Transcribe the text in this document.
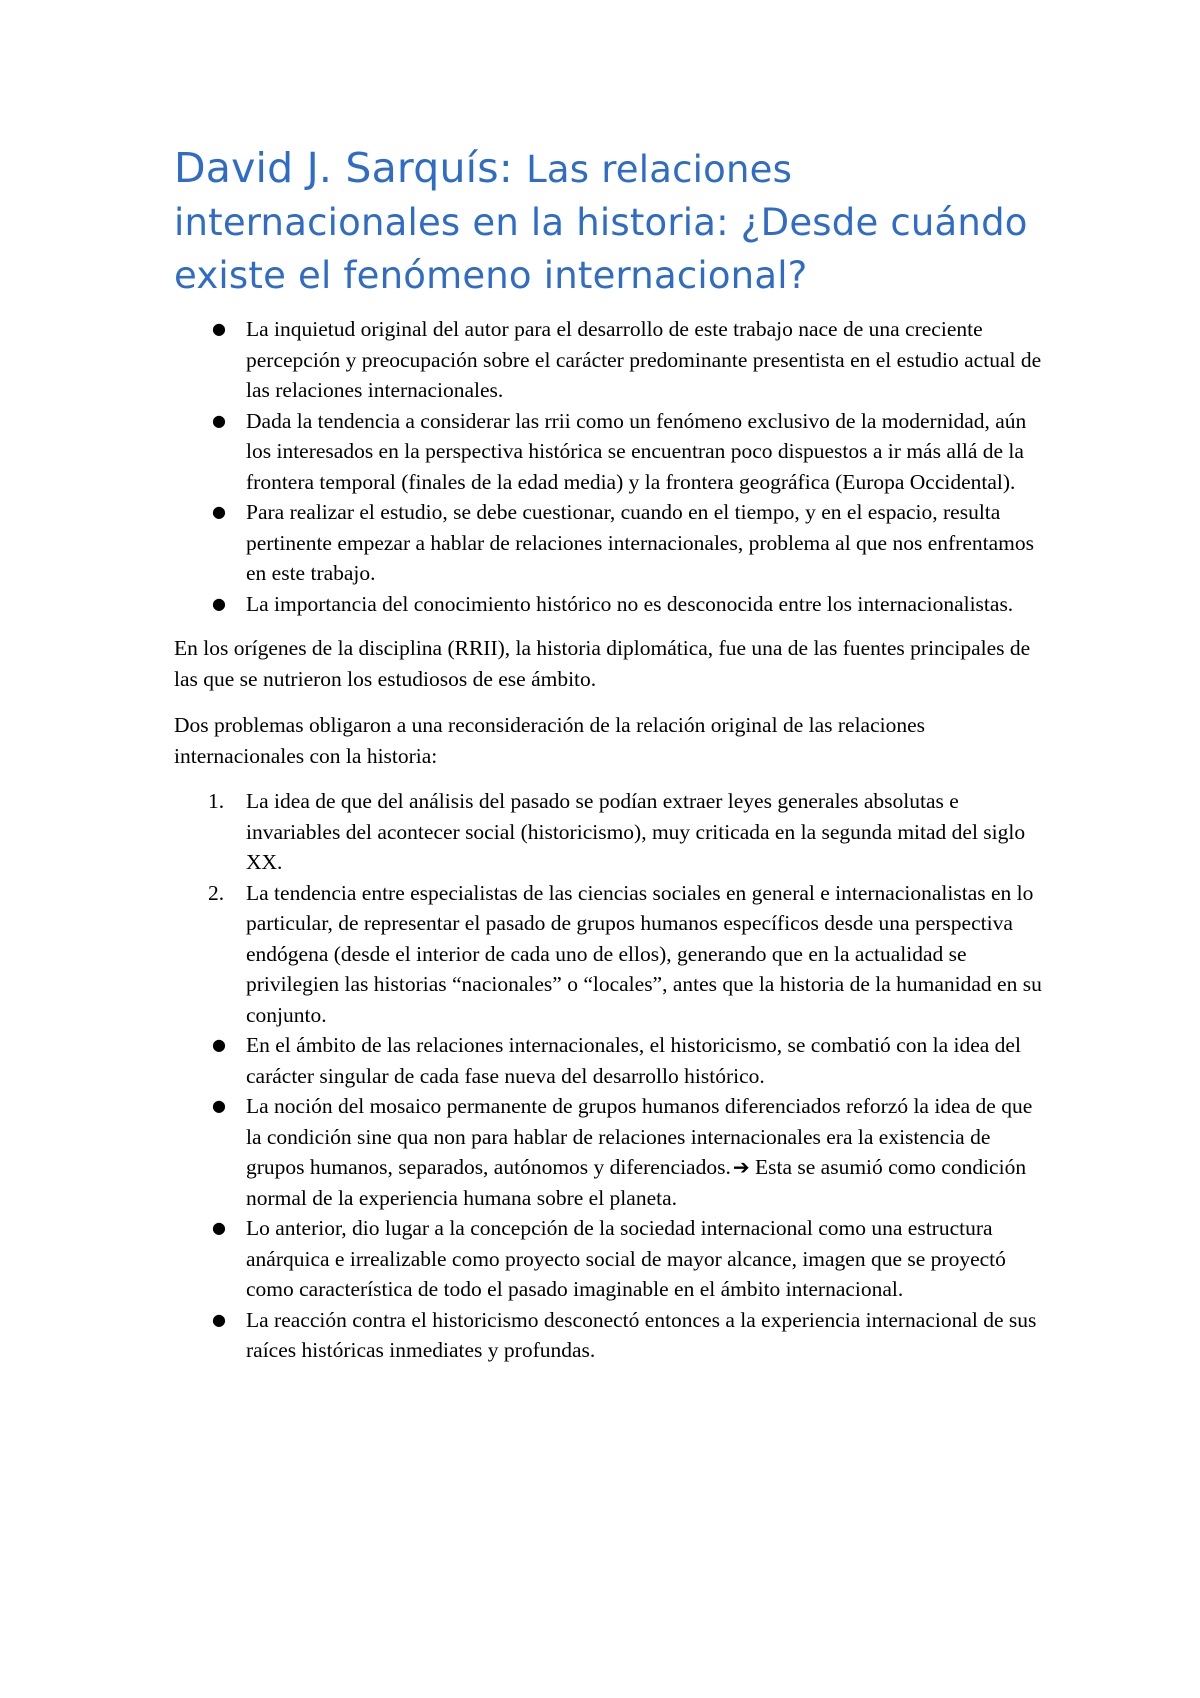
David J. Sarquís: Las relaciones internacionales en la historia: ¿Desde cuándo existe el fenómeno internacional?
● La inquietud original del autor para el desarrollo de este trabajo nace de una creciente percepción y preocupación sobre el carácter predominante presentista en el estudio actual de las relaciones internacionales.
● Dada la tendencia a considerar las rrii como un fenómeno exclusivo de la modernidad, aún los interesados en la perspectiva histórica se encuentran poco dispuestos a ir más allá de la frontera temporal (finales de la edad media) y la frontera geográfica (Europa Occidental).
● Para realizar el estudio, se debe cuestionar, cuando en el tiempo, y en el espacio, resulta pertinente empezar a hablar de relaciones internacionales, problema al que nos enfrentamos en este trabajo.
● La importancia del conocimiento histórico no es desconocida entre los internacionalistas.

En los orígenes de la disciplina (RRII), la historia diplomática, fue una de las fuentes principales de las que se nutrieron los estudiosos de ese ámbito.

Dos problemas obligaron a una reconsideración de la relación original de las relaciones internacionales con la historia:

1.	La idea de que del análisis del pasado se podían extraer leyes generales absolutas e invariables del acontecer social (historicismo), muy criticada en la segunda mitad del siglo XX.
2.	La tendencia entre especialistas de las ciencias sociales en general e internacionalistas en lo particular, de representar el pasado de grupos humanos específicos desde una perspectiva endógena (desde el interior de cada uno de ellos), generando que en la actualidad se privilegien las historias “nacionales” o “locales”, antes que la historia de la humanidad en su conjunto.
● En el ámbito de las relaciones internacionales, el historicismo, se combatió con la idea del carácter singular de cada fase nueva del desarrollo histórico.
● La noción del mosaico permanente de grupos humanos diferenciados reforzó la idea de que la condición sine qua non para hablar de relaciones internacionales era la existencia de grupos humanos, separados, autónomos y diferenciados. ➔ Esta se asumió como condición normal de la experiencia humana sobre el planeta.
● Lo anterior, dio lugar a la concepción de la sociedad internacional como una estructura anárquica e irrealizable como proyecto social de mayor alcance, imagen que se proyectó como característica de todo el pasado imaginable en el ámbito internacional.
● La reacción contra el historicismo desconectó entonces a la experiencia internacional de sus raíces históricas inmediates y profundas.
